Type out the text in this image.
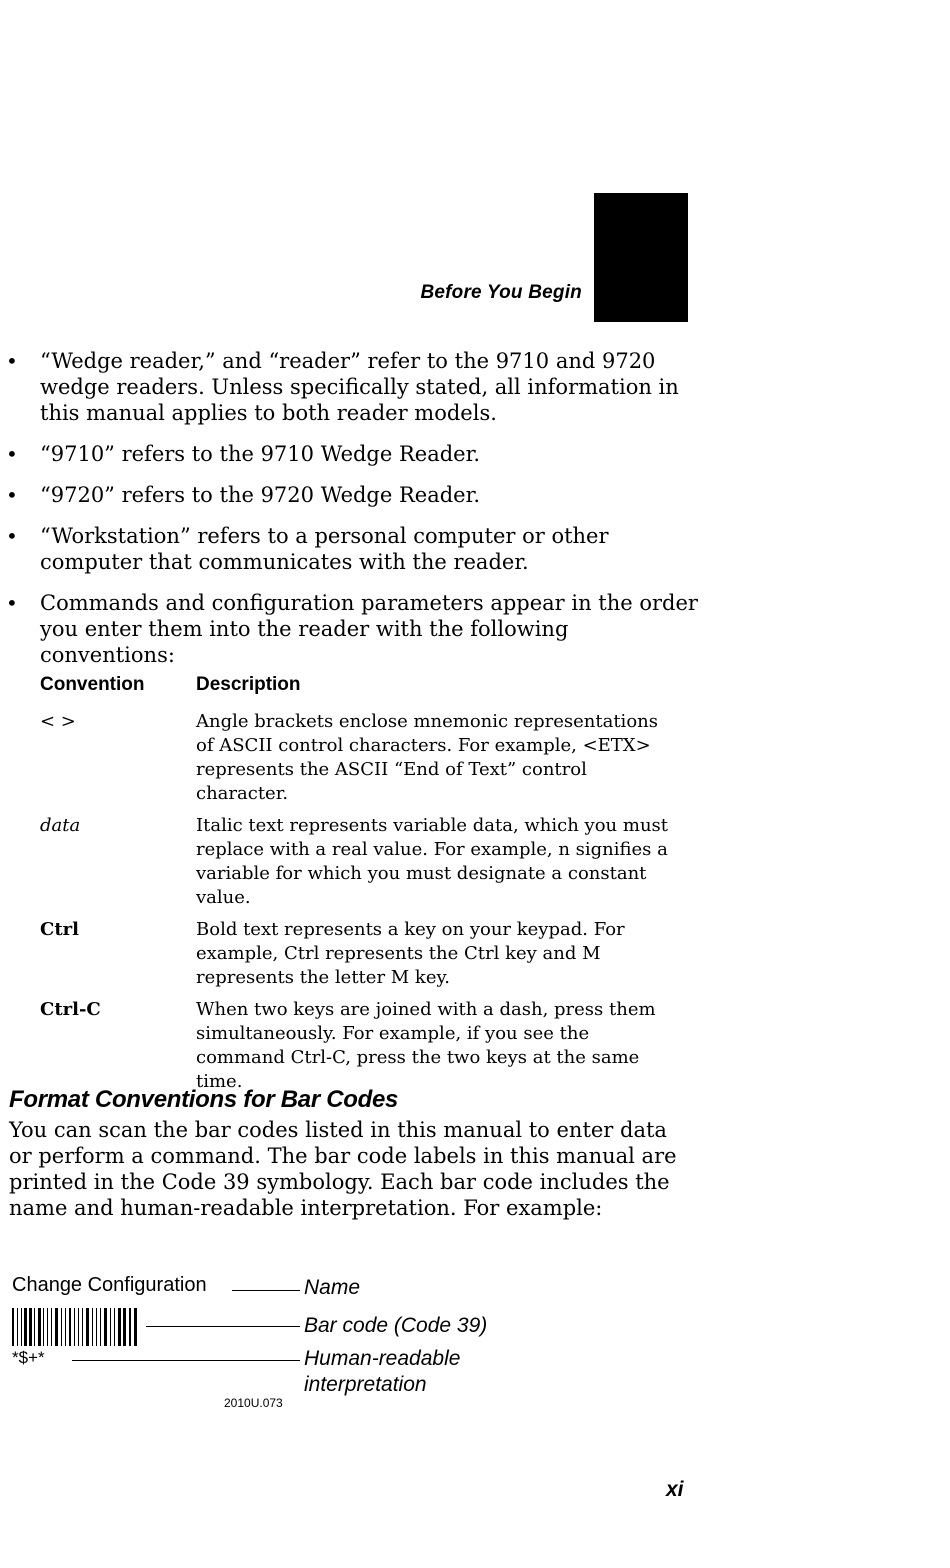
Before You Begin
• “Wedge reader,” and “reader” refer to the 9710 and 9720 wedge readers. Unless specifically stated, all information in this manual applies to both reader models.
• “9710” refers to the 9710 Wedge Reader.
• “9720” refers to the 9720 Wedge Reader.
• “Workstation” refers to a personal computer or other computer that communicates with the reader.
• Commands and configuration parameters appear in the order you enter them into the reader with the following conventions:
Convention	Description
< >	Angle brackets enclose mnemonic representations of ASCII control characters. For example, <ETX> represents the ASCII “End of Text” control character.
data	Italic text represents variable data, which you must replace with a real value. For example, n signifies a variable for which you must designate a constant value.
Ctrl	Bold text represents a key on your keypad. For example, Ctrl represents the Ctrl key and M represents the letter M key.
Ctrl-C	When two keys are joined with a dash, press them simultaneously. For example, if you see the command Ctrl-C, press the two keys at the same time.
Format Conventions for Bar Codes
You can scan the bar codes listed in this manual to enter data or perform a command. The bar code labels in this manual are printed in the Code 39 symbology. Each bar code includes the name and human-readable interpretation. For example:
Change Configuration
*$+*
Name
Bar code (Code 39)
Human-readable
interpretation
2010U.073
xi
